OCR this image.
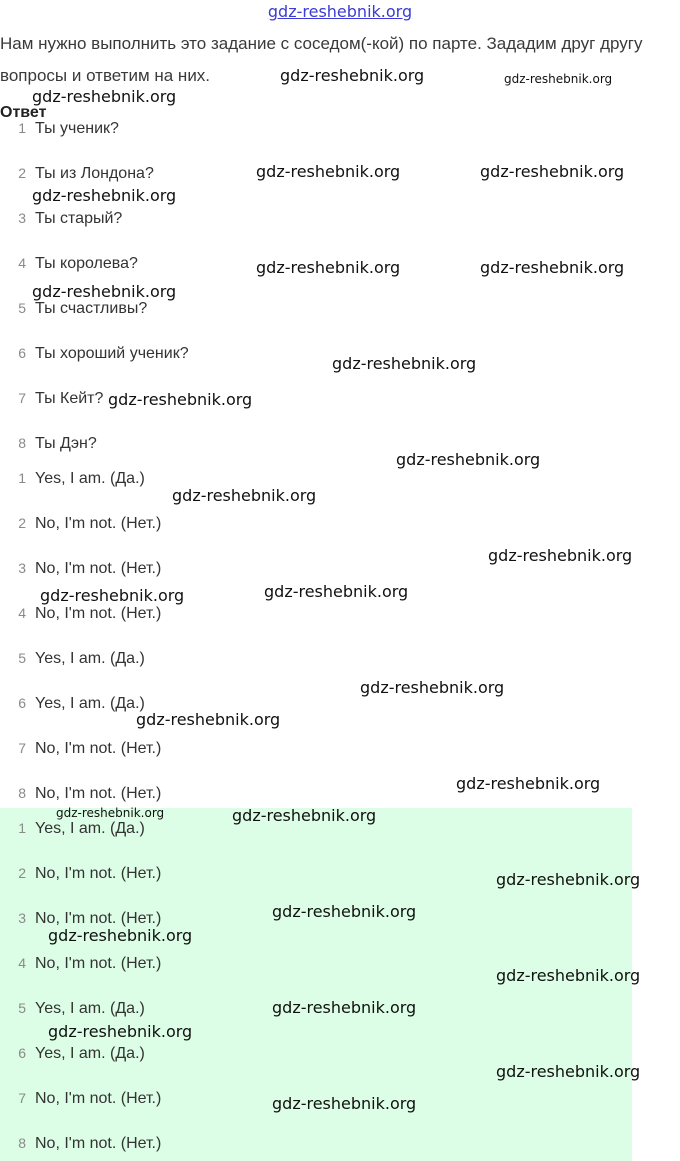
gdz-reshebnik.org
Нам нужно выполнить это задание с соседом(-кой) по парте. Зададим друг другу вопросы и ответим на них.
Ответ
1 Ты ученик?
2 Ты из Лондона?
3 Ты старый?
4 Ты королева?
5 Ты счастливы?
6 Ты хороший ученик?
7 Ты Кейт?
8 Ты Дэн?
1 Yes, I am. (Да.)
2 No, I'm not. (Нет.)
3 No, I'm not. (Нет.)
4 No, I'm not. (Нет.)
5 Yes, I am. (Да.)
6 Yes, I am. (Да.)
7 No, I'm not. (Нет.)
8 No, I'm not. (Нет.)
1 Yes, I am. (Да.)
2 No, I'm not. (Нет.)
3 No, I'm not. (Нет.)
4 No, I'm not. (Нет.)
5 Yes, I am. (Да.)
6 Yes, I am. (Да.)
7 No, I'm not. (Нет.)
8 No, I'm not. (Нет.)
gdz-reshebnik.org	gdz-reshebnik.org
gdz-reshebnik.org
gdz-reshebnik.org	gdz-reshebnik.org
gdz-reshebnik.org
gdz-reshebnik.org	gdz-reshebnik.org
gdz-reshebnik.org
gdz-reshebnik.org
gdz-reshebnik.org
gdz-reshebnik.org
gdz-reshebnik.org
gdz-reshebnik.org
gdz-reshebnik.org
gdz-reshebnik.org
gdz-reshebnik.org
gdz-reshebnik.org
gdz-reshebnik.org
gdz-reshebnik.org	gdz-reshebnik.org
gdz-reshebnik.org
gdz-reshebnik.org
gdz-reshebnik.org
gdz-reshebnik.org
gdz-reshebnik.org
gdz-reshebnik.org
gdz-reshebnik.org
gdz-reshebnik.org
